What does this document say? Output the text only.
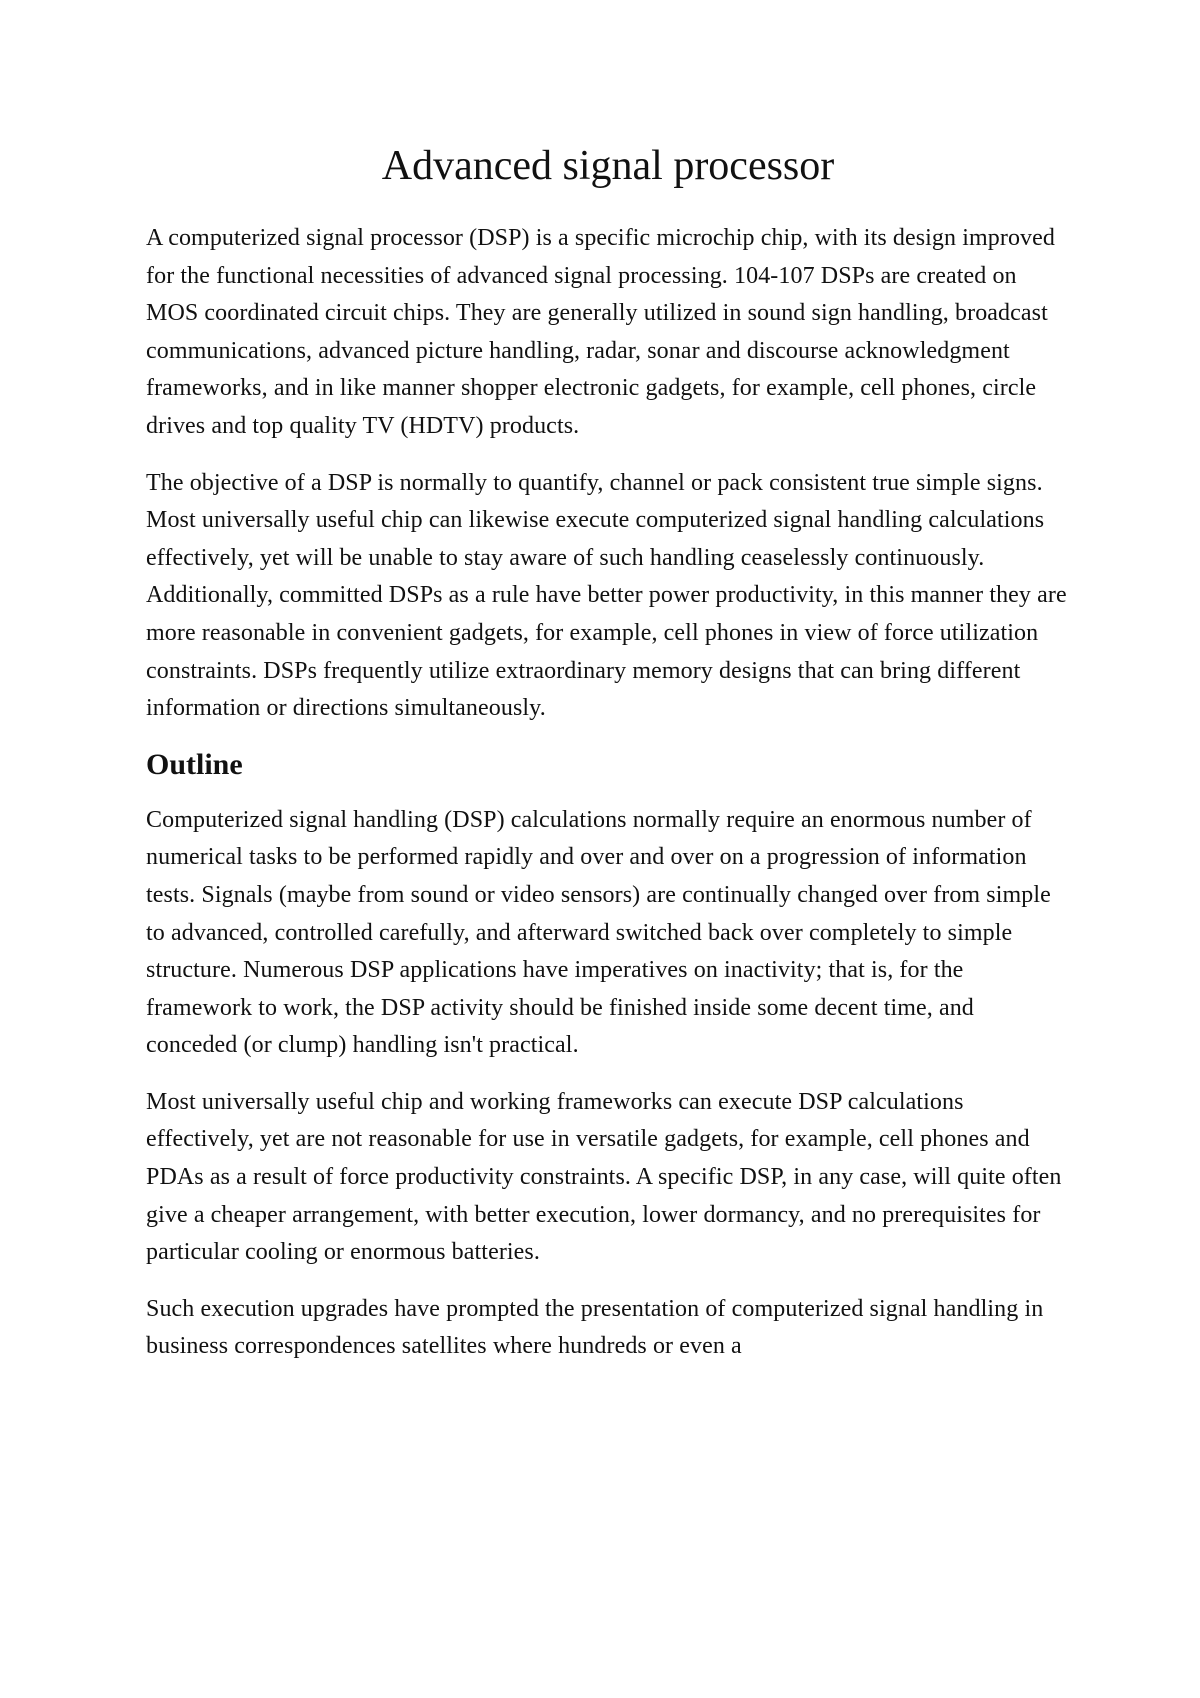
Advanced signal processor

A computerized signal processor (DSP) is a specific microchip chip, with its design improved for the functional necessities of advanced signal processing. 104-107 DSPs are created on MOS coordinated circuit chips. They are generally utilized in sound sign handling, broadcast communications, advanced picture handling, radar, sonar and discourse acknowledgment frameworks, and in like manner shopper electronic gadgets, for example, cell phones, circle drives and top quality TV (HDTV) products.

The objective of a DSP is normally to quantify, channel or pack consistent true simple signs. Most universally useful chip can likewise execute computerized signal handling calculations effectively, yet will be unable to stay aware of such handling ceaselessly continuously. Additionally, committed DSPs as a rule have better power productivity, in this manner they are more reasonable in convenient gadgets, for example, cell phones in view of force utilization constraints. DSPs frequently utilize extraordinary memory designs that can bring different information or directions simultaneously.

Outline

Computerized signal handling (DSP) calculations normally require an enormous number of numerical tasks to be performed rapidly and over and over on a progression of information tests. Signals (maybe from sound or video sensors) are continually changed over from simple to advanced, controlled carefully, and afterward switched back over completely to simple structure. Numerous DSP applications have imperatives on inactivity; that is, for the framework to work, the DSP activity should be finished inside some decent time, and conceded (or clump) handling isn't practical.

Most universally useful chip and working frameworks can execute DSP calculations effectively, yet are not reasonable for use in versatile gadgets, for example, cell phones and PDAs as a result of force productivity constraints. A specific DSP, in any case, will quite often give a cheaper arrangement, with better execution, lower dormancy, and no prerequisites for particular cooling or enormous batteries.

Such execution upgrades have prompted the presentation of computerized signal handling in business correspondences satellites where hundreds or even a
